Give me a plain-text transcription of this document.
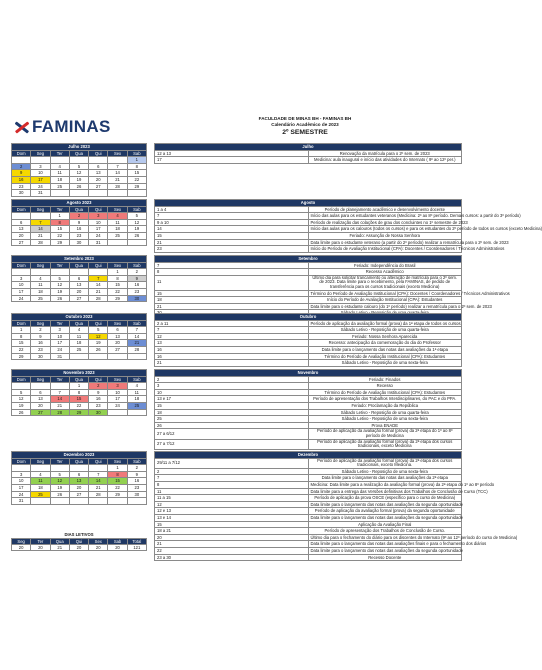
FAMINAS	FACULDADE DE MINAS BH - FAMINAS BH
Calendário Acadêmico de 2023
2º SEMESTRE
Julho 2023						
Dom	Seg	Ter	Qua	Qui	Sex	Sab
						1
2	3	4	5	6	7	8
9	10	11	12	13	14	15
16	17	18	19	20	21	22
23	24	25	26	27	28	29
30	31					
Julho	
12 a 13	Renovação da matrícula para o 2º sem. de 2023
17	Medicina: aula inaugural e início das atividades do Internato ( 9º ao 12º per.)
Agosto 2023						
Dom	Seg	Ter	Qua	Qui	Sex	Sab
		1	2	3	4	5
6	7	8	9	10	11	12
13	14	15	16	17	18	19
20	21	22	23	24	25	26
27	28	29	30	31		
Agosto	
1 a 4	Período de planejamento acadêmico e desenvolvimento docente
7	Início das aulas para os estudantes veteranos (Medicina: 2º ao 8º período. Demais cursos: a partir do 3º período)
9 a 10	Período de realização das colações de grau dos concluintes no 1º semestre de 2023
14	Início das aulas para os calouros (todos os cursos) e para os estudantes do 2º período de todos os cursos (exceto Medicina)
15	Feriado: Assunção de Nossa Senhora
21	Data limite para o estudante veterano (a partir do 2º período) realizar a rematrícula para o 2º sem. de 2023
23	Início do Período de Avaliação Institucional (CPA): Docentes / Coordenadores / Técnicos Administrativos
Setembro 2023						
Dom	Seg	Ter	Qua	Qui	Sex	Sab
					1	2
3	4	5	6	7	8	9
10	11	12	13	14	15	16
17	18	19	20	21	22	23
24	25	26	27	28	29	30
Setembro	
7	Feriado: Independência do Brasil
8	Recesso Acadêmico
11	Último dia para solicitar trancamento ou alteração de matrícula para o 2º sem. de 2023. Data limite para o recebimento, pela FAMINAS, de pedido de transferência para os cursos tradicionais (exceto Medicina)
15	Término do Período de Avaliação Institucional (CPA): Docentes / Coordenadores / Técnicos Administrativos
18	Início do Período de Avaliação Institucional (CPA): Estudantes
21	Data limite para o estudante calouro (do 1º período) realizar a rematrícula para o 2º sem. de 2023

Outubro 2023						
Dom	Seg	Ter	Qua	Qui	Sex	Sab
1	2	3	4	5	6	7
8	9	10	11	12	13	14
15	16	17	18	19	20	21
22	23	24	25	26	27	28
29	30	31				
Outubro	
2 a 11	Período de aplicação da avaliação formal (prova) da 1ª etapa de todos os cursos
7	Sábado Letivo - Reposição de uma quarta-feira
12	Feriado: Nossa Senhora Aparecida
13	Recesso: antecipação da comemoração do dia do Professor
16	Data limite para o lançamento das notas das avaliações da 1ª etapa
16	Término do Período de Avaliação Institucional (CPA): Estudantes
21	Sábado Letivo - Reposição de uma sexta-feira
Novembro 2023						
Dom	Seg	Ter	Qua	Qui	Sex	Sab
			1	2	3	4
5	6	7	8	9	10	11
12	13	14	15	16	17	18
19	20	21	22	23	24	25
26	27	28	29	30		
Novembro	
2	Feriado: Finados
3	Recesso
10	Término do Período de Avaliação Institucional (CPA): Estudantes
13 e 17	Período de apresentação dos Trabalhos Interdisciplinares, do PAC e do PPA.
15	Feriado: Proclamação da República
18	Sábado Letivo - Reposição de uma quarta-feira
25	Sábado Letivo - Reposição de uma sexta-feira
26	Prova ENADE
27 a 6/12	Período de aplicação da avaliação formal (prova) da 2ª etapa do 1º ao 8º período de Medicina
27 a 7/12	Período de aplicação da avaliação formal (prova) da 2ª etapa dos cursos tradicionais, exceto Medicina
Dezembro 2023						
Dom	Seg	Ter	Qua	Qui	Sex	Sab
					1	2
3	4	5	6	7	8	9
10	11	12	13	14	15	16
17	18	19	20	21	22	23
24	25	26	27	28	29	30
31						
Dezembro	
29/11 a 7/12	Período de aplicação da avaliação formal (prova) da 2ª etapa dos cursos tradicionais, exceto Medicina.
2	Sábado Letivo - Reposição de uma sexta-feira
7	Data limite para o lançamento das notas das avaliações da 2ª etapa
8	Medicina: Data limite para a realização da avaliação formal (prova) da 2ª etapa do 1º ao 8º período
11	Data limite para a entrega das Versões definitivas dos Trabalhos de Conclusão de Curso (TCC)
11 a 15	Período de aplicação da prova OSCE (específico para o curso de Medicina)
12	Data limite para o lançamento das notas das avaliações da segunda oportunidade
12 e 13	Período de aplicação da avaliação formal (prova) da segunda oportunidade
13 e 14	Data limite para o lançamento das notas das avaliações da segunda oportunidade
15	Aplicação da Avaliação Final
18 a 21	Período de apresentação dos Trabalhos de Conclusão de Curso.
20	Último dia para o fechamento do diário para os discentes do Internato (9º ao 12º período do curso de Medicina)
21	Data limite para o lançamento das notas das avaliações finais e para o fechamento dos diários
22	Data limite para o lançamento das notas das avaliações da segunda oportunidade
23 a 30	Recesso Docente
DIAS LETIVOS
Seg	Ter	Qua	Qui	Sex	Sab	Total
20	20	21	20	20	20	121
